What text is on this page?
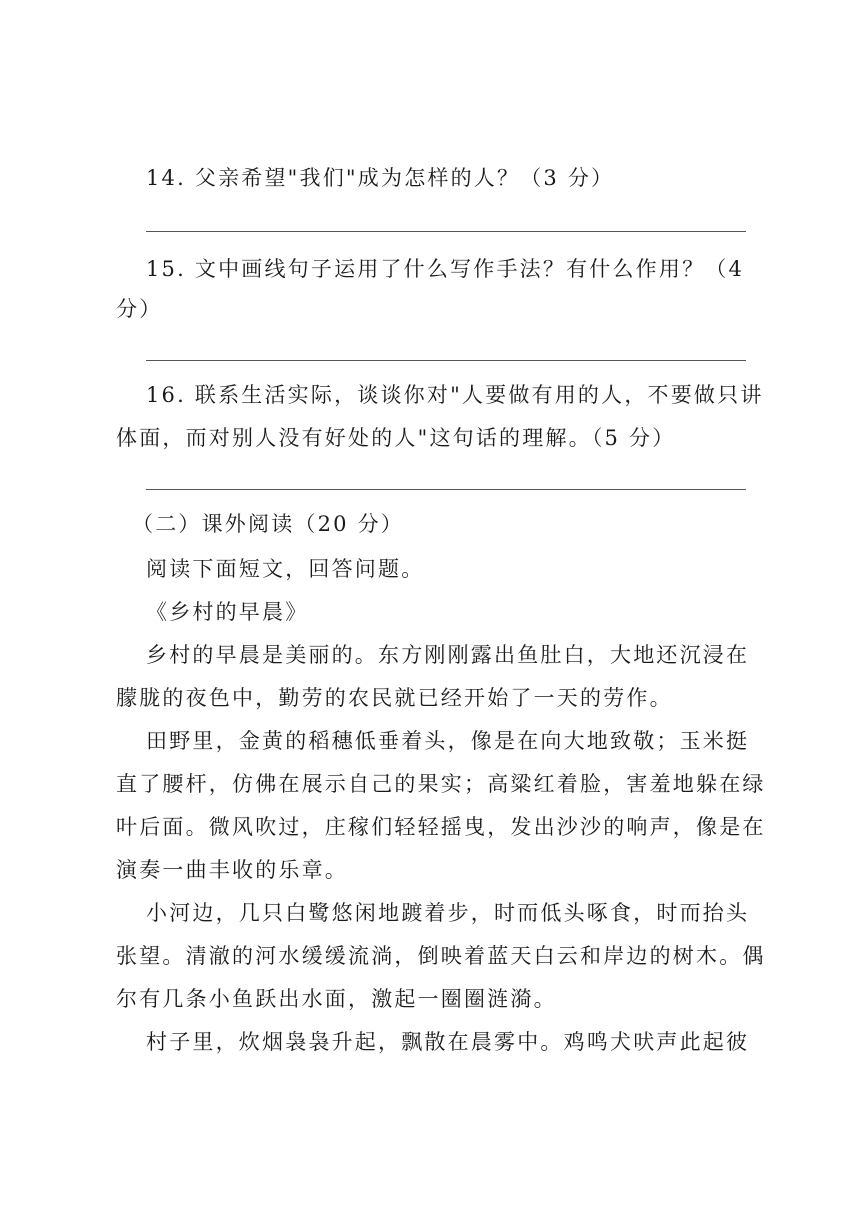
14. 父亲希望"我们"成为怎样的人？（3 分）
15. 文中画线句子运用了什么写作手法？有什么作用？（4
分）
16. 联系生活实际，谈谈你对"人要做有用的人，不要做只讲
体面，而对别人没有好处的人"这句话的理解。（5 分）
（二）课外阅读（20 分）
阅读下面短文，回答问题。
《乡村的早晨》
乡村的早晨是美丽的。东方刚刚露出鱼肚白，大地还沉浸在
朦胧的夜色中，勤劳的农民就已经开始了一天的劳作。
田野里，金黄的稻穗低垂着头，像是在向大地致敬；玉米挺
直了腰杆，仿佛在展示自己的果实；高粱红着脸，害羞地躲在绿
叶后面。微风吹过，庄稼们轻轻摇曳，发出沙沙的响声，像是在
演奏一曲丰收的乐章。
小河边，几只白鹭悠闲地踱着步，时而低头啄食，时而抬头
张望。清澈的河水缓缓流淌，倒映着蓝天白云和岸边的树木。偶
尔有几条小鱼跃出水面，激起一圈圈涟漪。
村子里，炊烟袅袅升起，飘散在晨雾中。鸡鸣犬吠声此起彼
